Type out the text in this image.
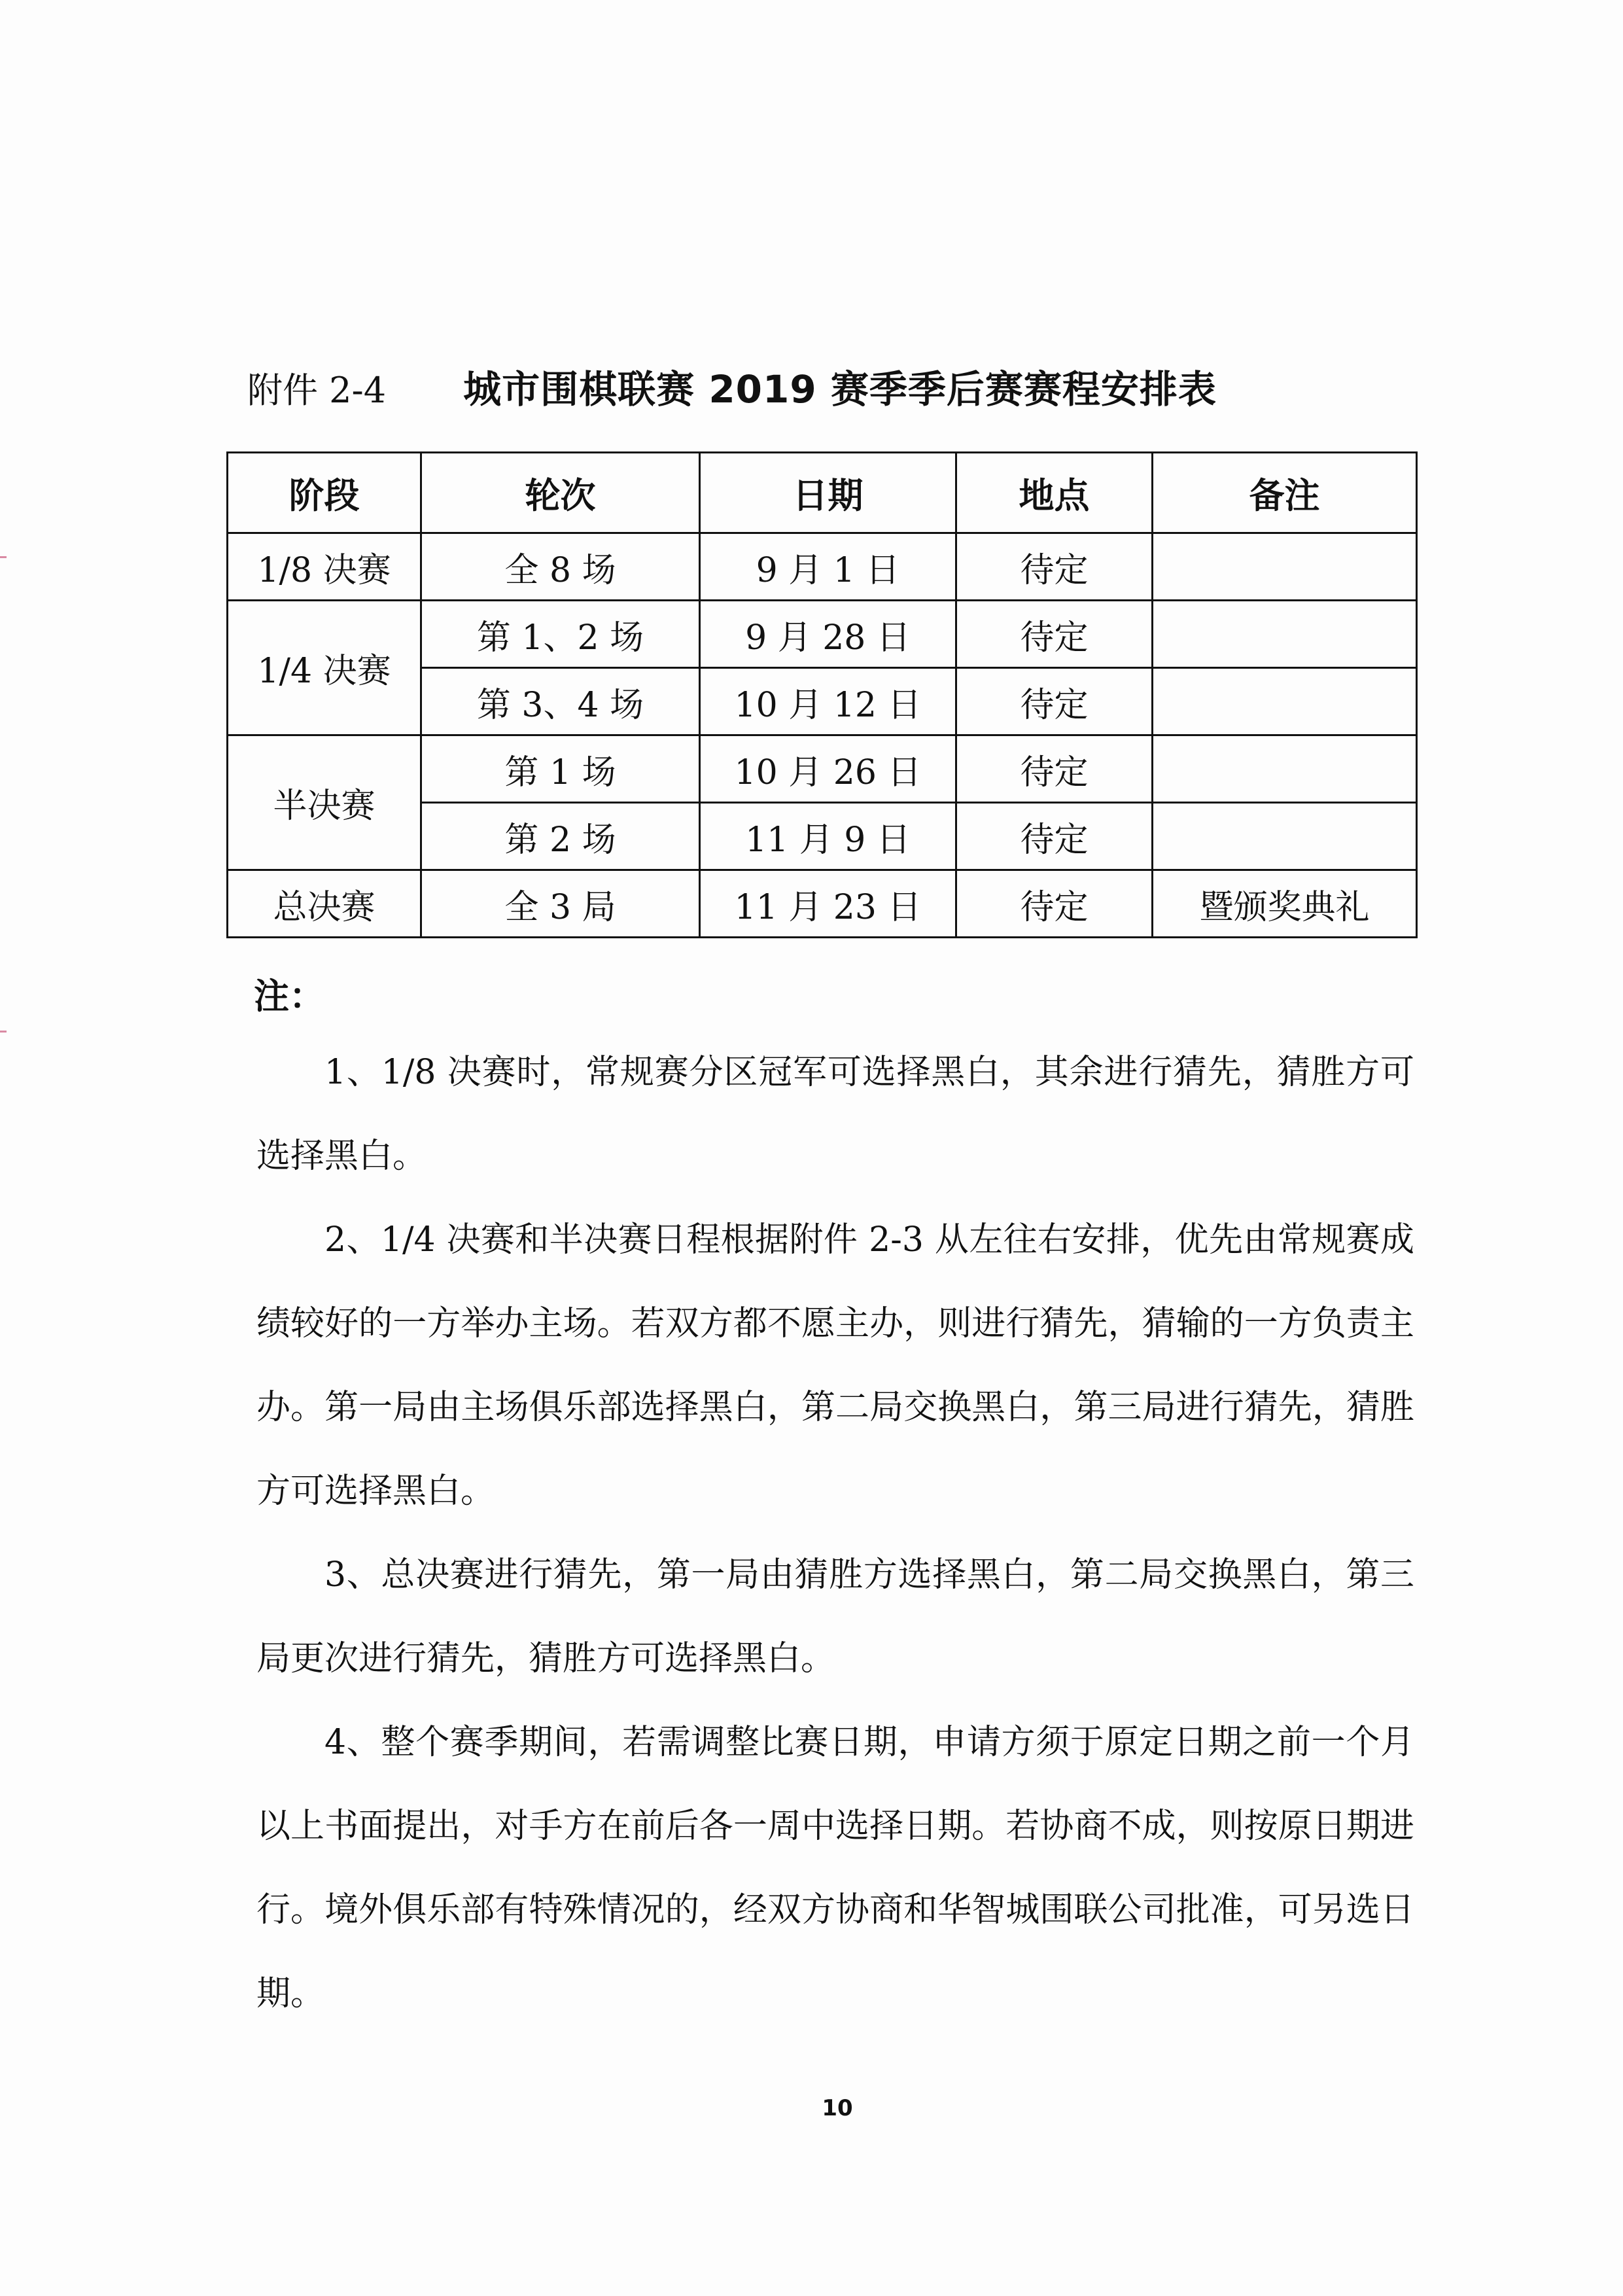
附件 2-4 城市围棋联赛 2019 赛季季后赛赛程安排表
阶段	轮次	日期	地点	备注
1/8 决赛	全 8 场	9 月 1 日	待定	
1/4 决赛	第 1、2 场	9 月 28 日	待定	
	第 3、4 场	10 月 12 日	待定	
半决赛	第 1 场	10 月 26 日	待定	
	第 2 场	11 月 9 日	待定	
总决赛	全 3 局	11 月 23 日	待定	暨颁奖典礼
注：

1、1/8 决赛时，常规赛分区冠军可选择黑白，其余进行猜先，猜胜方可选择黑白。

2、1/4 决赛和半决赛日程根据附件 2-3 从左往右安排，优先由常规赛成绩较好的一方举办主场。若双方都不愿主办，则进行猜先，猜输的一方负责主办。第一局由主场俱乐部选择黑白，第二局交换黑白，第三局进行猜先，猜胜方可选择黑白。

3、总决赛进行猜先，第一局由猜胜方选择黑白，第二局交换黑白，第三局更次进行猜先，猜胜方可选择黑白。

4、整个赛季期间，若需调整比赛日期，申请方须于原定日期之前一个月以上书面提出，对手方在前后各一周中选择日期。若协商不成，则按原日期进行。境外俱乐部有特殊情况的，经双方协商和华智城围联公司批准，可另选日期。

10
